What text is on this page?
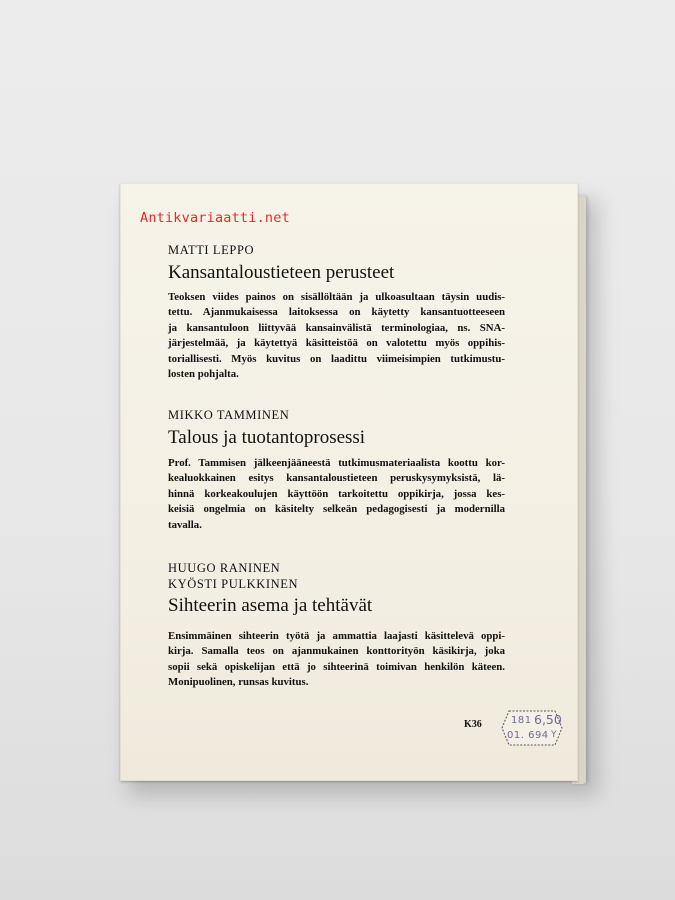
MATTI LEPPO
Kansantaloustieteen perusteet
Teoksen viides painos on sisällöltään ja ulkoasultaan täysin uudis-
tettu. Ajanmukaisessa laitoksessa on käytetty kansantuotteeseen
ja kansantuloon liittyvää kansainvälistä terminologiaa, ns. SNA-
järjestelmää, ja käytettyä käsitteistöä on valotettu myös oppihis-
toriallisesti. Myös kuvitus on laadittu viimeisimpien tutkimustu-
losten pohjalta.
MIKKO TAMMINEN
Talous ja tuotantoprosessi
Prof. Tammisen jälkeenjääneestä tutkimusmateriaalista koottu kor-
kealuokkainen esitys kansantaloustieteen peruskysymyksistä, lä-
hinnä korkeakoulujen käyttöön tarkoitettu oppikirja, jossa kes-
keisiä ongelmia on käsitelty selkeän pedagogisesti ja modernilla
tavalla.
HUUGO RANINEN
KYÖSTI PULKKINEN
Sihteerin asema ja tehtävät
Ensimmäinen sihteerin työtä ja ammattia laajasti käsittelevä oppi-
kirja. Samalla teos on ajanmukainen konttorityön käsikirja, joka
sopii sekä opiskelijan että jo sihteerinä toimivan henkilön käteen.
Monipuolinen, runsas kuvitus.
K36	181 6,50
01. 694 Y
Antikvariaatti.net
